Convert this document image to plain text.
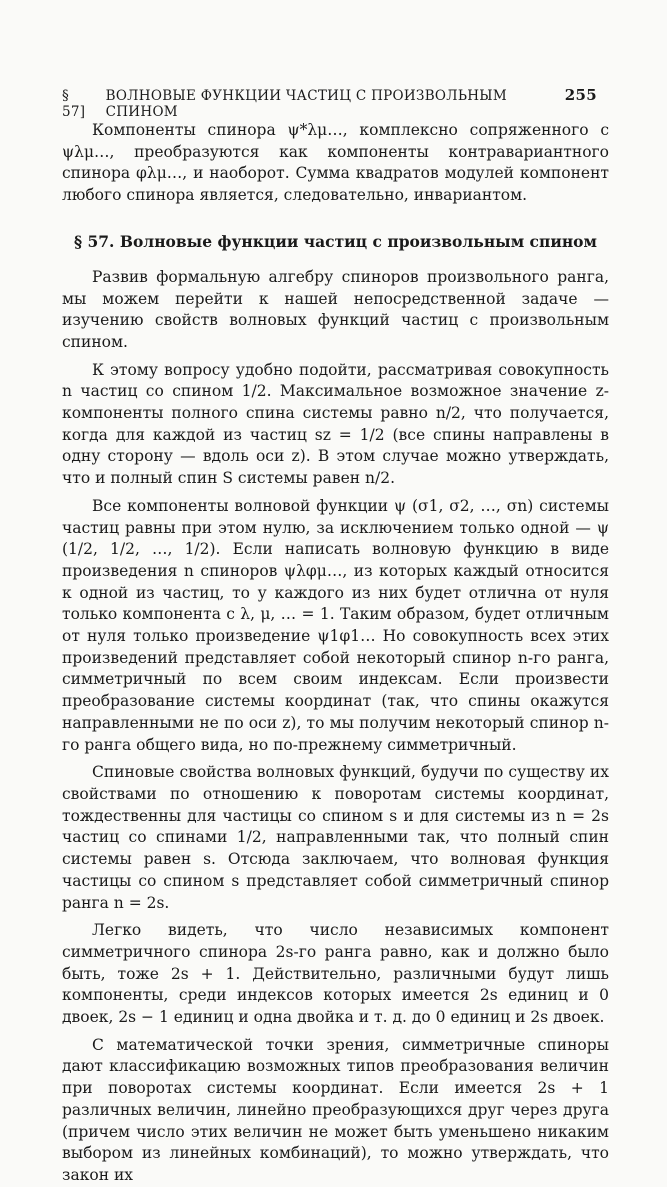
§ 57]
ВОЛНОВЫЕ ФУНКЦИИ ЧАСТИЦ С ПРОИЗВОЛЬНЫМ СПИНОМ
255

Компоненты спинора ψ*λμ…, комплексно сопряженного с ψλμ…, преобразуются как компоненты контравариантного спинора φλμ…, и наоборот. Сумма квадратов модулей компонент любого спинора является, следовательно, инвариантом.

§ 57. Волновые функции частиц с произвольным спином

Развив формальную алгебру спиноров произвольного ранга, мы можем перейти к нашей непосредственной задаче — изучению свойств волновых функций частиц с произвольным спином.

К этому вопросу удобно подойти, рассматривая совокупность n частиц со спином 1/2. Максимальное возможное значение z-компоненты полного спина системы равно n/2, что получается, когда для каждой из частиц sz = 1/2 (все спины направлены в одну сторону — вдоль оси z). В этом случае можно утверждать, что и полный спин S системы равен n/2.

Все компоненты волновой функции ψ (σ1, σ2, …, σn) системы частиц равны при этом нулю, за исключением только одной — ψ (1/2, 1/2, …, 1/2). Если написать волновую функцию в виде произведения n спиноров ψλφμ…, из которых каждый относится к одной из частиц, то у каждого из них будет отлична от нуля только компонента с λ, μ, … = 1. Таким образом, будет отличным от нуля только произведение ψ1φ1… Но совокупность всех этих произведений представляет собой некоторый спинор n-го ранга, симметричный по всем своим индексам. Если произвести преобразование системы координат (так, что спины окажутся направленными не по оси z), то мы получим некоторый спинор n-го ранга общего вида, но по-прежнему симметричный.

Спиновые свойства волновых функций, будучи по существу их свойствами по отношению к поворотам системы координат, тождественны для частицы со спином s и для системы из n = 2s частиц со спинами 1/2, направленными так, что полный спин системы равен s. Отсюда заключаем, что волновая функция частицы со спином s представляет собой симметричный спинор ранга n = 2s.

Легко видеть, что число независимых компонент симметричного спинора 2s-го ранга равно, как и должно было быть, тоже 2s + 1. Действительно, различными будут лишь компоненты, среди индексов которых имеется 2s единиц и 0 двоек, 2s − 1 единиц и одна двойка и т. д. до 0 единиц и 2s двоек.

С математической точки зрения, симметричные спиноры дают классификацию возможных типов преобразования величин при поворотах системы координат. Если имеется 2s + 1 различных величин, линейно преобразующихся друг через друга (причем число этих величин не может быть уменьшено никаким выбором из линейных комбинаций), то можно утверждать, что закон их
